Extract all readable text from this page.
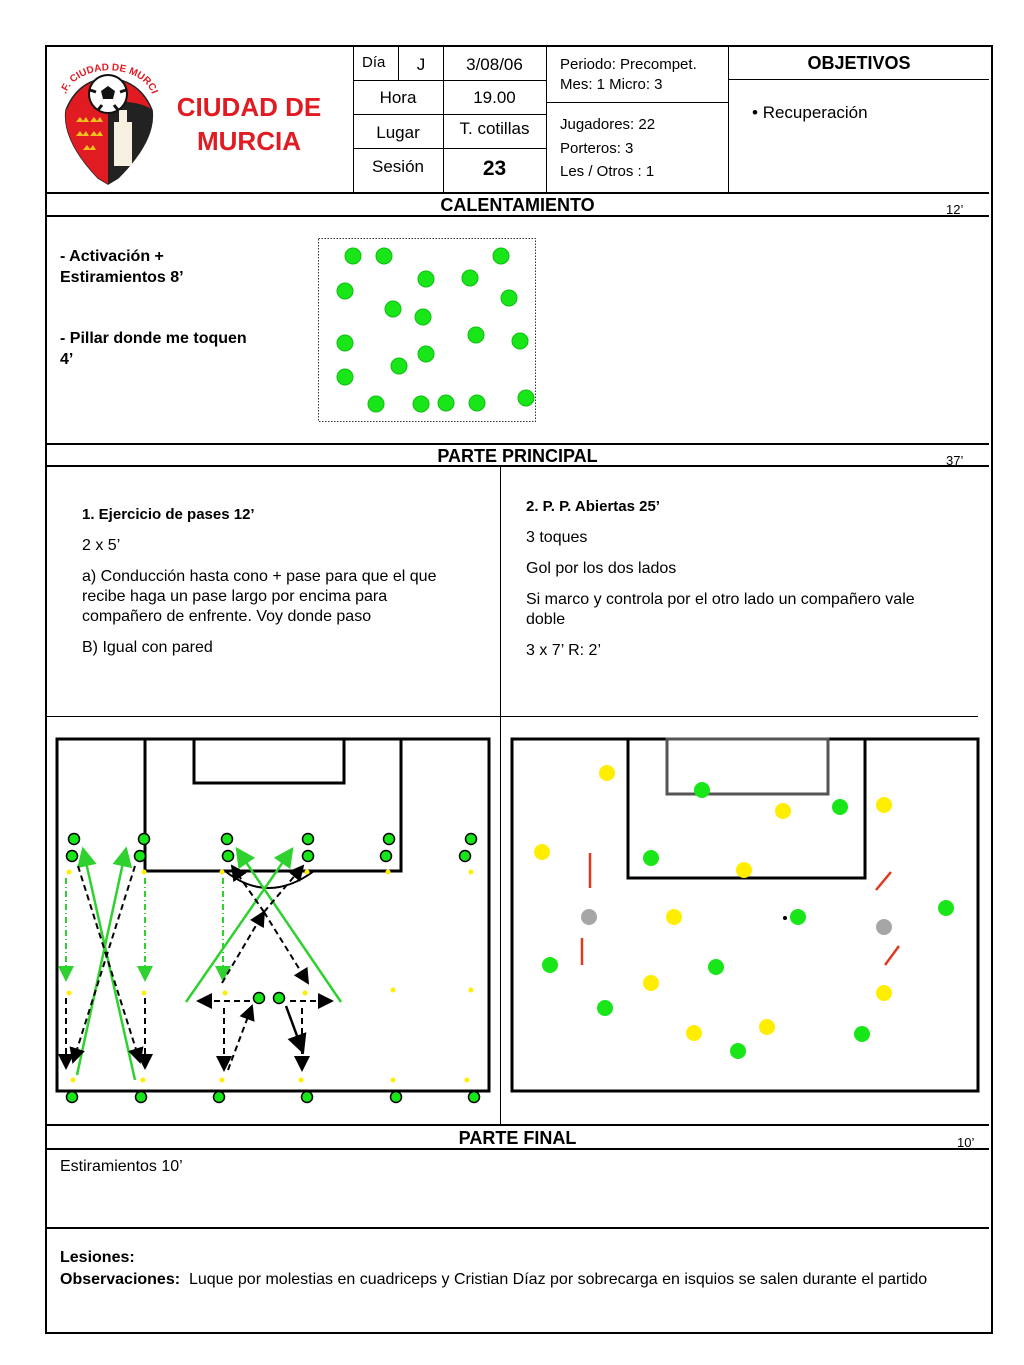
C.F. CIUDAD DE MURCIA
CIUDAD DE
MURCIA
Día	J	3/08/06
Hora	19.00
Lugar	T. cotillas
Sesión	23
Periodo: Precompet.
Mes: 1 Micro: 3
Jugadores: 22
Porteros: 3
Les / Otros : 1
OBJETIVOS
• Recuperación
CALENTAMIENTO	12’
- Activación +
Estiramientos 8’
- Pillar donde me toquen
4’
PARTE PRINCIPAL	37’
1. Ejercicio de pases 12’
2 x 5’
a) Conducción hasta cono + pase para que el que recibe haga un pase largo por encima para compañero de enfrente. Voy donde paso
B) Igual con pared
2. P. P. Abiertas 25’
3 toques
Gol por los dos lados
Si marco y controla por el otro lado un compañero vale doble
3 x 7’ R: 2’
PARTE FINAL	10’
Estiramientos 10’
Lesiones:
Observaciones: Luque por molestias en cuadriceps y Cristian Díaz por sobrecarga en isquios se salen durante el partido
